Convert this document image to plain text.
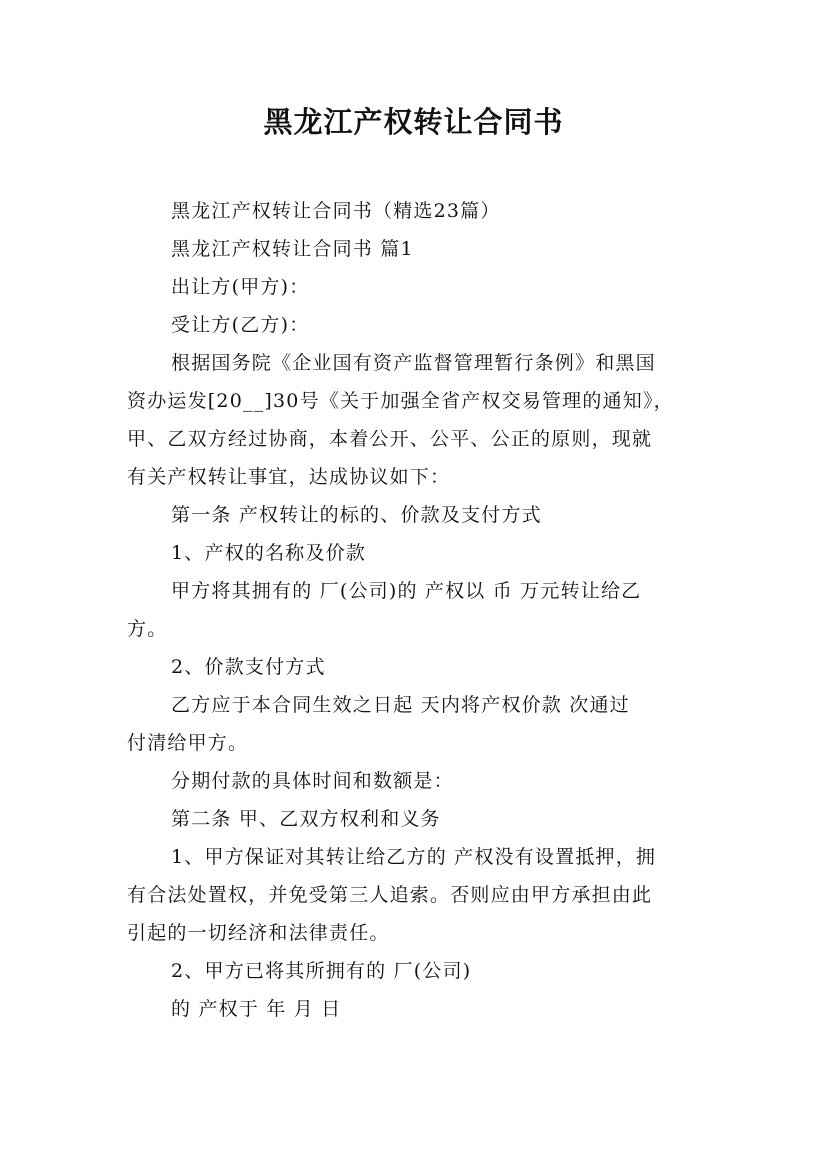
黑龙江产权转让合同书

黑龙江产权转让合同书（精选23篇）

黑龙江产权转让合同书 篇1

出让方(甲方)：

受让方(乙方)：

根据国务院《企业国有资产监督管理暂行条例》和黑国

资办运发[20__]30号《关于加强全省产权交易管理的通知》，

甲、乙双方经过协商，本着公开、公平、公正的原则，现就

有关产权转让事宜，达成协议如下：

第一条 产权转让的标的、价款及支付方式

1、产权的名称及价款

甲方将其拥有的 厂(公司)的 产权以 币 万元转让给乙

方。

2、价款支付方式

乙方应于本合同生效之日起 天内将产权价款 次通过

付清给甲方。

分期付款的具体时间和数额是：

第二条 甲、乙双方权利和义务

1、甲方保证对其转让给乙方的 产权没有设置抵押，拥

有合法处置权，并免受第三人追索。否则应由甲方承担由此

引起的一切经济和法律责任。

2、甲方已将其所拥有的 厂(公司)

的 产权于 年 月 日
